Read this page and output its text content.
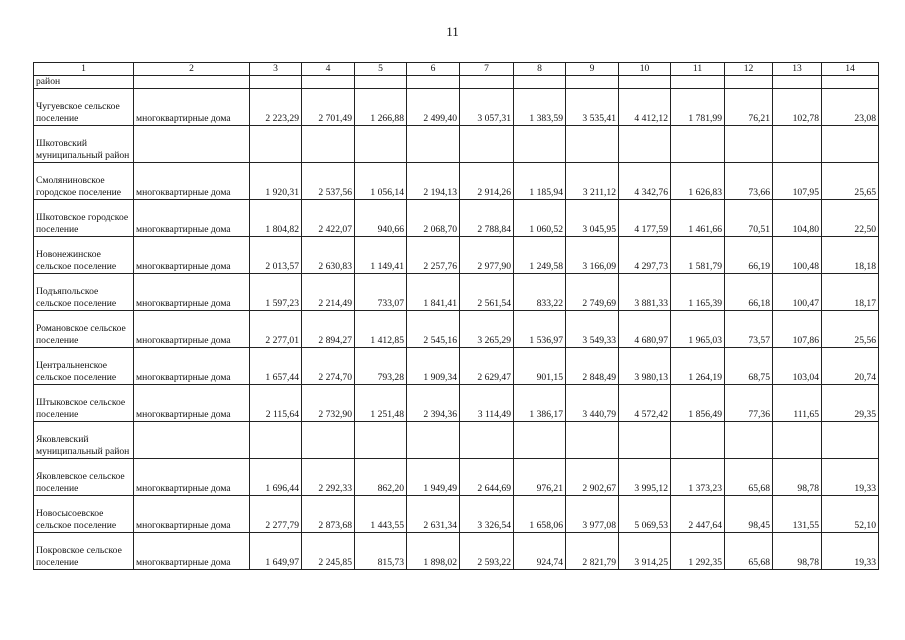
11
1	2	3	4	5	6	7	8	9	10	11	12	13	14
район													
Чугуевское сельское поселение	многоквартирные дома	2 223,29	2 701,49	1 266,88	2 499,40	3 057,31	1 383,59	3 535,41	4 412,12	1 781,99	76,21	102,78	23,08
Шкотовский муниципальный район													
Смоляниновское городское поселение	многоквартирные дома	1 920,31	2 537,56	1 056,14	2 194,13	2 914,26	1 185,94	3 211,12	4 342,76	1 626,83	73,66	107,95	25,65
Шкотовское городское поселение	многоквартирные дома	1 804,82	2 422,07	940,66	2 068,70	2 788,84	1 060,52	3 045,95	4 177,59	1 461,66	70,51	104,80	22,50
Новонежинское сельское поселение	многоквартирные дома	2 013,57	2 630,83	1 149,41	2 257,76	2 977,90	1 249,58	3 166,09	4 297,73	1 581,79	66,19	100,48	18,18
Подъяпольское сельское поселение	многоквартирные дома	1 597,23	2 214,49	733,07	1 841,41	2 561,54	833,22	2 749,69	3 881,33	1 165,39	66,18	100,47	18,17
Романовское сельское поселение	многоквартирные дома	2 277,01	2 894,27	1 412,85	2 545,16	3 265,29	1 536,97	3 549,33	4 680,97	1 965,03	73,57	107,86	25,56
Центральненское сельское поселение	многоквартирные дома	1 657,44	2 274,70	793,28	1 909,34	2 629,47	901,15	2 848,49	3 980,13	1 264,19	68,75	103,04	20,74
Штыковское сельское поселение	многоквартирные дома	2 115,64	2 732,90	1 251,48	2 394,36	3 114,49	1 386,17	3 440,79	4 572,42	1 856,49	77,36	111,65	29,35
Яковлевский муниципальный район													
Яковлевское сельское поселение	многоквартирные дома	1 696,44	2 292,33	862,20	1 949,49	2 644,69	976,21	2 902,67	3 995,12	1 373,23	65,68	98,78	19,33
Новосысоевское сельское поселение	многоквартирные дома	2 277,79	2 873,68	1 443,55	2 631,34	3 326,54	1 658,06	3 977,08	5 069,53	2 447,64	98,45	131,55	52,10
Покровское сельское поселение	многоквартирные дома	1 649,97	2 245,85	815,73	1 898,02	2 593,22	924,74	2 821,79	3 914,25	1 292,35	65,68	98,78	19,33
